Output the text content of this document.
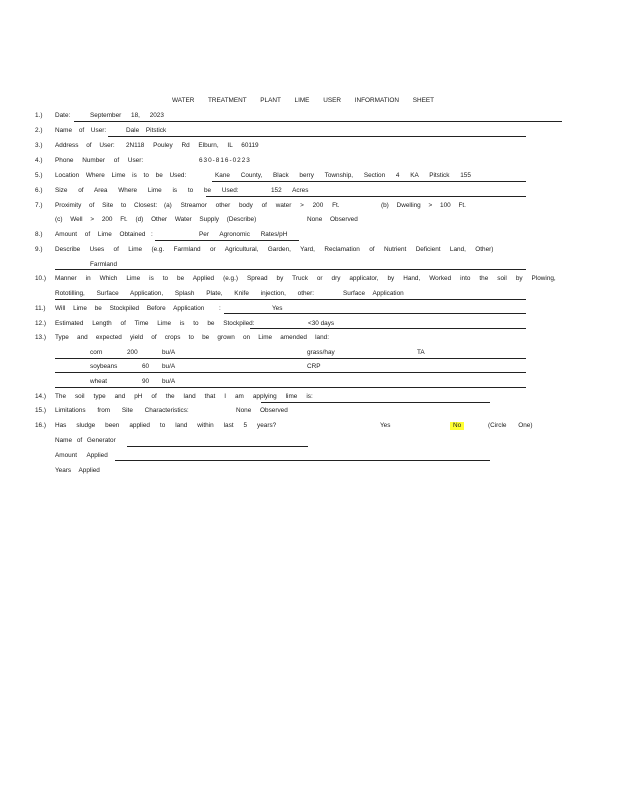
WATER TREATMENT PLANT LIME USER INFORMATION SHEET
1.) Date:	September 18, 2023
2.) Name of User:	Dale Pitstick
3.) Address of User: 2N118 Pouley Rd Elburn, IL 60119
4.) Phone Number of User:	630-816-0223
5.) Location Where Lime is to be Used:	Kane County, Black berry Township, Section 4 KA Pitstick 155
6.) Size of Area Where Lime is to be Used:	152 Acres
7.) Proximity of Site to Closest: (a) Streamor other body of water > 200 Ft.	(b) Dwelling > 100 Ft.
(c) Well > 200 Ft. (d) Other Water Supply (Describe)	None Observed
8.) Amount of Lime Obtained :	Per Agronomic Rates/pH
9.) Describe Uses of Lime (e.g. Farmland or Agricultural, Garden, Yard, Reclamation of Nutrient Deficient Land, Other)
Farmland
10.) Manner in Which Lime is to be Applied (e.g.) Spread by Truck or dry applicator, by Hand, Worked into the soil by Plowing,
Rototilling, Surface Application, Splash Plate, Knife injection, other:	Surface Application
11.) Will Lime be Stockpiled Before Application :	Yes
12.) Estimated Length of Time Lime is to be Stockpiled:	<30 days
13.) Type and expected yield of crops to be grown on Lime amended land:
corn	200	bu/A	grass/hay	TA
soybeans	60 bu/A	CRP
wheat	90 bu/A
14.) The soil type and pH of the land that I am applying lime is:
15.) Limitations from Site Characteristics:	None Observed
16.) Has sludge been applied to land within last 5 years?	Yes	No	(Circle One)
Name of Generator
Amount Applied
Years Applied
